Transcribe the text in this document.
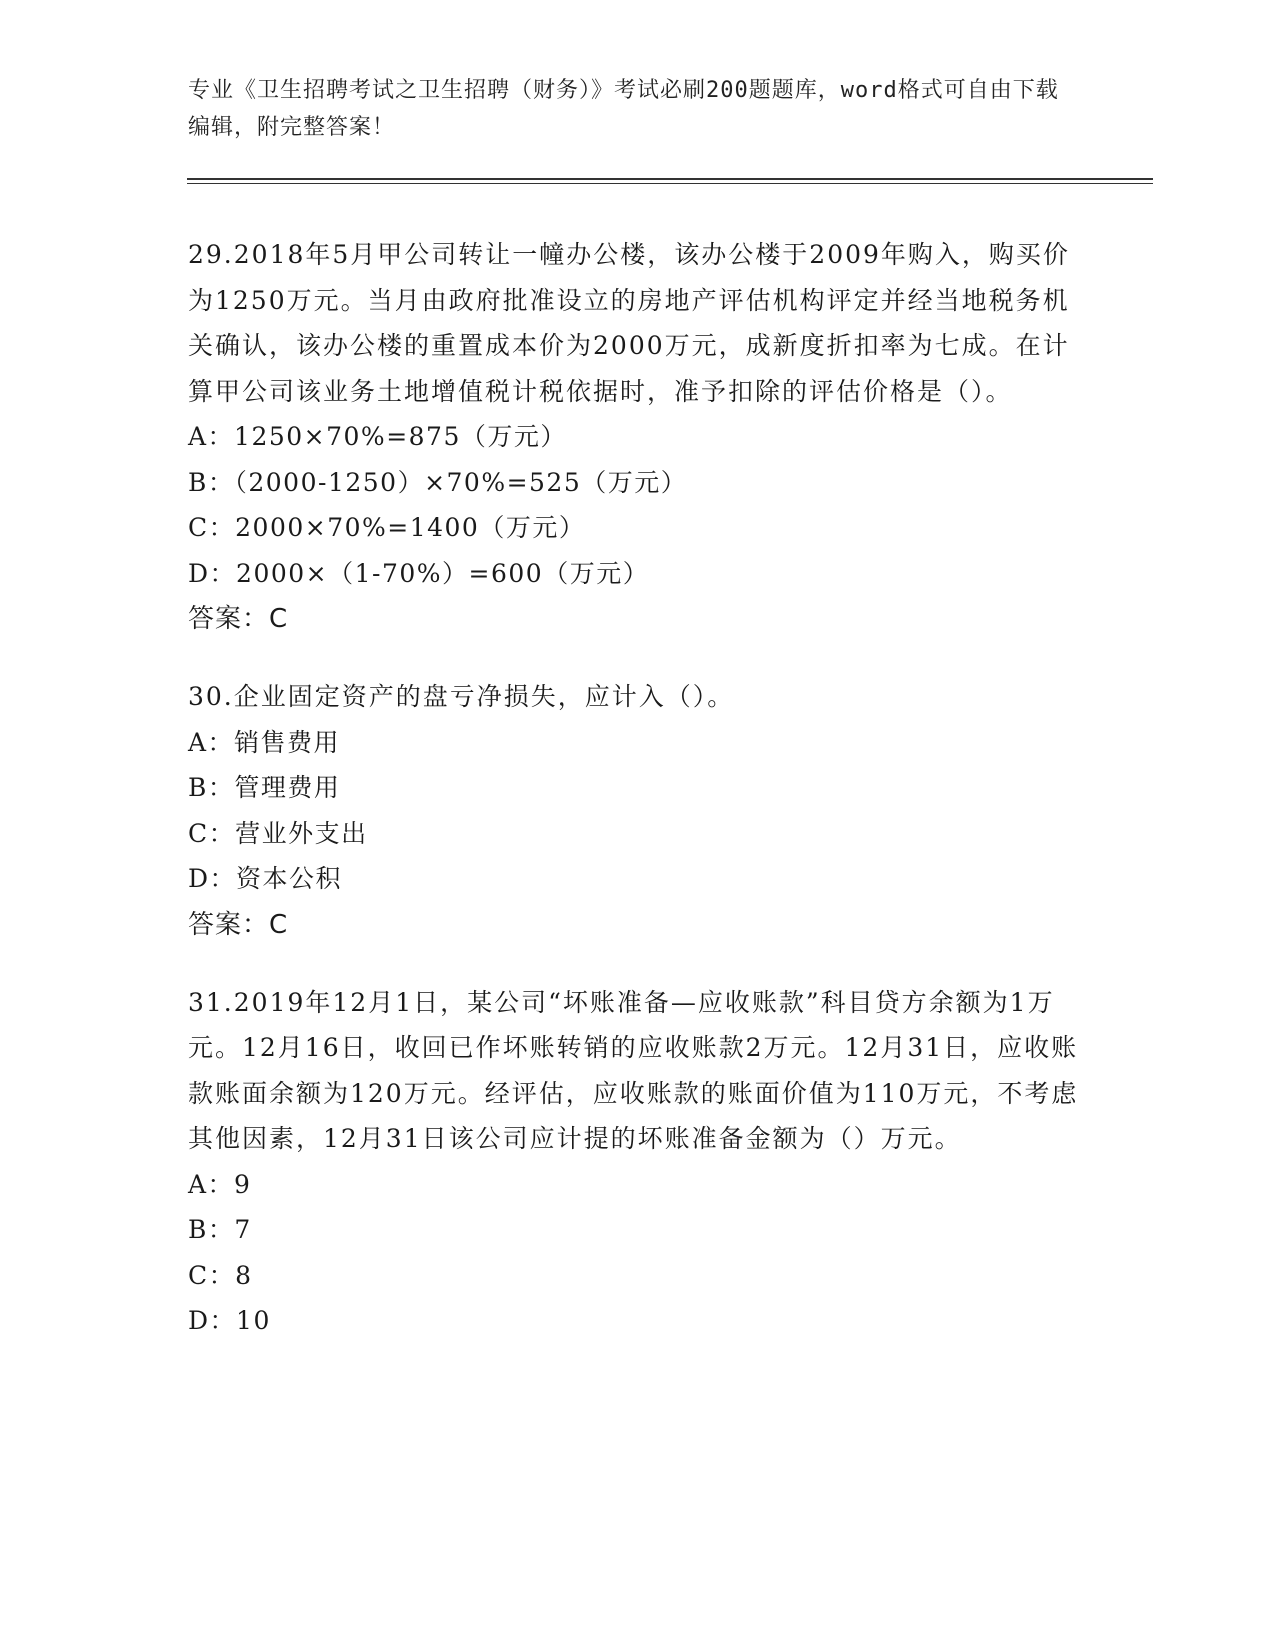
专业《卫生招聘考试之卫生招聘（财务）》考试必刷200题题库，word格式可自由下载编辑，附完整答案！

29.2018年5月甲公司转让一幢办公楼，该办公楼于2009年购入，购买价为1250万元。当月由政府批准设立的房地产评估机构评定并经当地税务机关确认，该办公楼的重置成本价为2000万元，成新度折扣率为七成。在计算甲公司该业务土地增值税计税依据时，准予扣除的评估价格是（）。

A：1250×70%=875（万元）

B：（2000-1250）×70%=525（万元）

C：2000×70%=1400（万元）

D：2000×（1-70%）=600（万元）

答案：C

30.企业固定资产的盘亏净损失，应计入（）。

A：销售费用

B：管理费用

C：营业外支出

D：资本公积

答案：C

31.2019年12月1日，某公司“坏账准备—应收账款”科目贷方余额为1万元。12月16日，收回已作坏账转销的应收账款2万元。12月31日，应收账款账面余额为120万元。经评估，应收账款的账面价值为110万元，不考虑其他因素，12月31日该公司应计提的坏账准备金额为（）万元。

A：9

B：7

C：8

D：10
